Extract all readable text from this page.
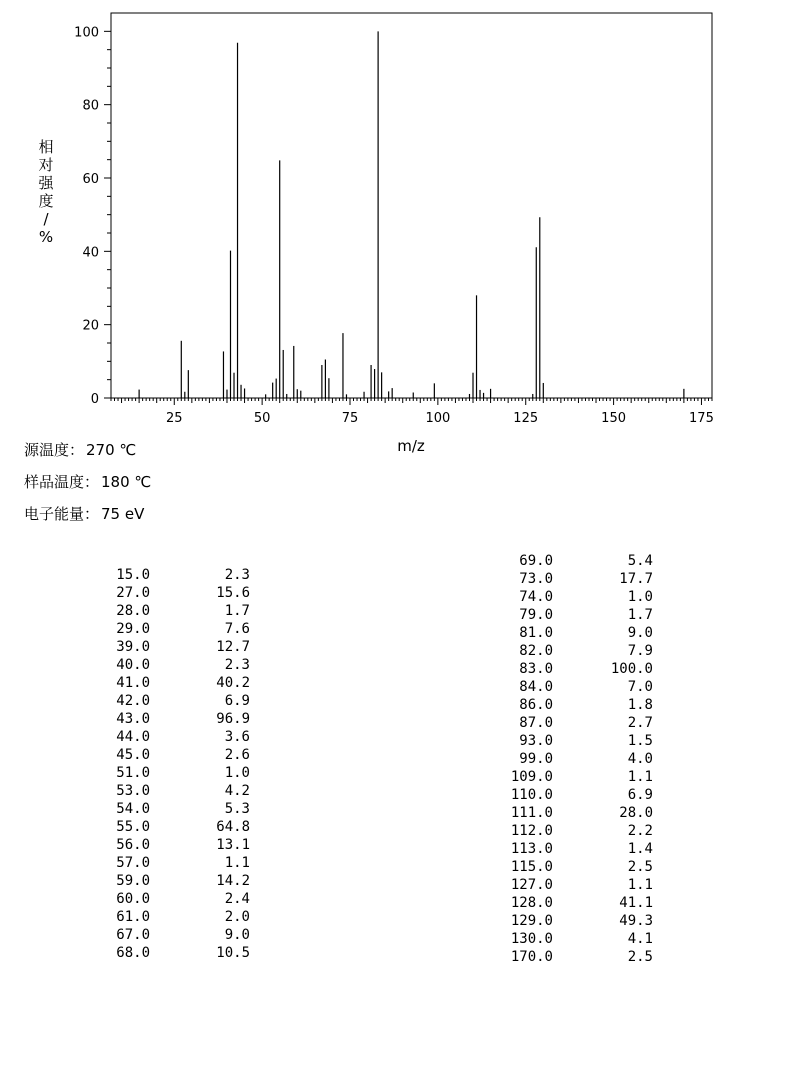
0
20
40
60
80
100
25	50	75	100	125	150	175
m/z
相对强度/ %
源温度： 270 ℃
样品温度： 180 ℃
电子能量： 75 eV
15.0	2.3
27.0	15.6
28.0	1.7
29.0	7.6
39.0	12.7
40.0	2.3
41.0	40.2
42.0	6.9
43.0	96.9
44.0	3.6
45.0	2.6
51.0	1.0
53.0	4.2
54.0	5.3
55.0	64.8
56.0	13.1
57.0	1.1
59.0	14.2
60.0	2.4
61.0	2.0
67.0	9.0
68.0	10.5
69.0	5.4
73.0	17.7
74.0	1.0
79.0	1.7
81.0	9.0
82.0	7.9
83.0	100.0
84.0	7.0
86.0	1.8
87.0	2.7
93.0	1.5
99.0	4.0
109.0	1.1
110.0	6.9
111.0	28.0
112.0	2.2
113.0	1.4
115.0	2.5
127.0	1.1
128.0	41.1
129.0	49.3
130.0	4.1
170.0	2.5
